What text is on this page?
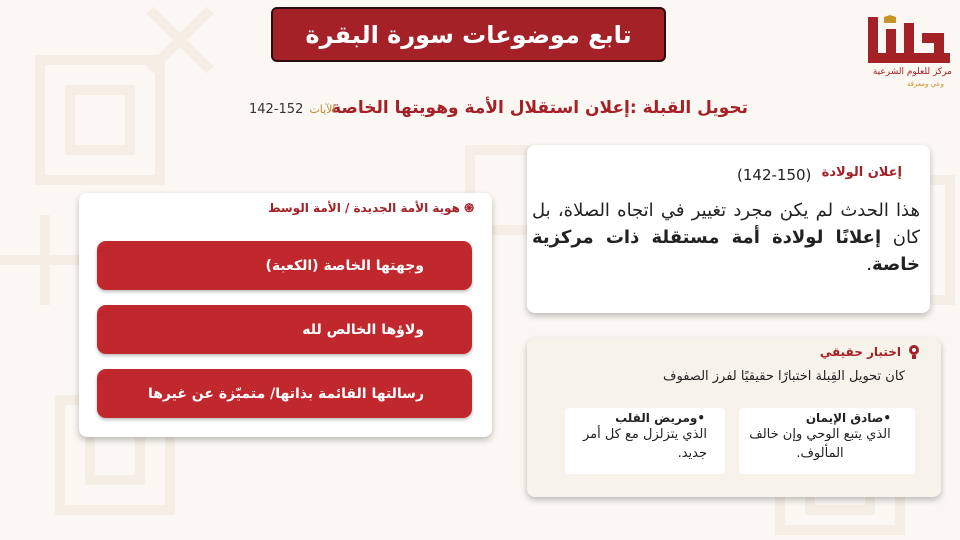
تابع موضوعات سورة البقرة
مركز للعلوم الشرعية
وعي ومعرفة
تحويل القبلة :إعلان استقلال الأمة وهويتها الخاصة
الآيات152-142
إعلان الولادة
(142-150)
هذا الحدث لم يكن مجرد تغيير في اتجاه الصلاة، بل كان إعلانًا لولادة أمة مستقلة ذات مركزية خاصة.
֍ هوية الأمة الجديدة / الأمة الوسط
وجهتها الخاصة (الكعبة)
ولاؤها الخالص لله
رسالتها القائمة بذاتها/ متميّزة عن غيرها
اختبار حقيقي
كان تحويل القِبلة اختبارًا حقيقيًا لفرز الصفوف
•صادق الإيمان
الذي يتبع الوحي وإن خالف المألوف.
•ومريض القلب
الذي يتزلزل مع كل أمر جديد.
